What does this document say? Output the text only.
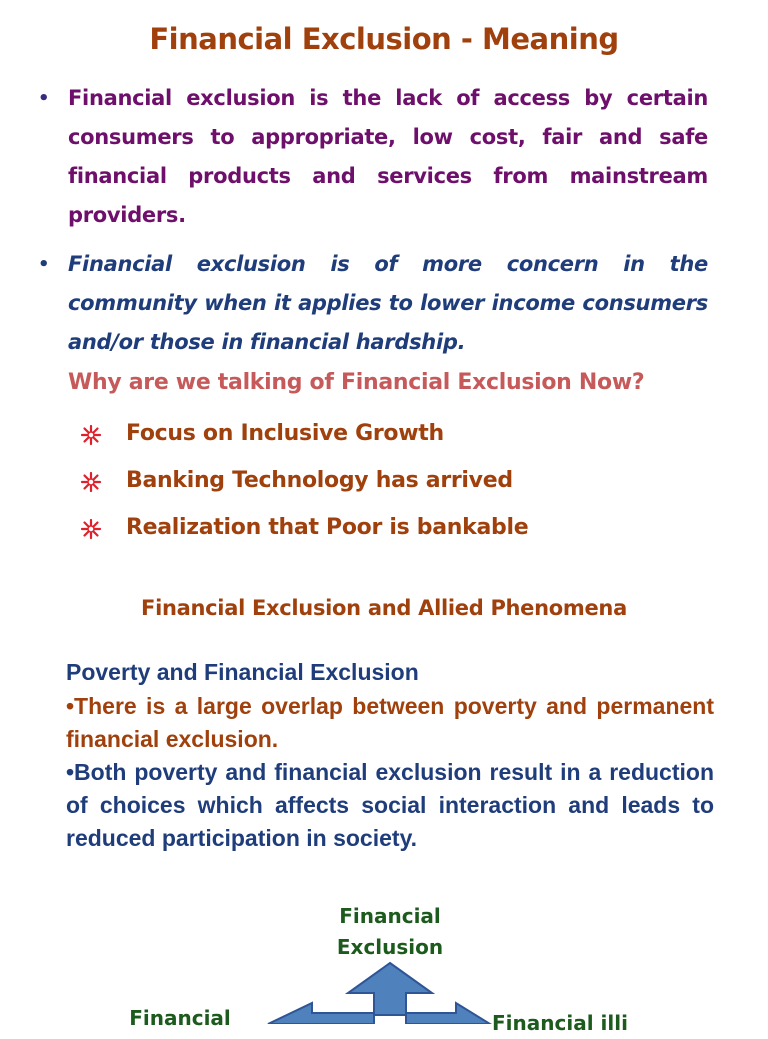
Financial Exclusion - Meaning
• Financial exclusion is the lack of access by certain consumers to appropriate, low cost, fair and safe financial products and services from mainstream providers.
• Financial exclusion is of more concern in the community when it applies to lower income consumers and/or those in financial hardship.
Why are we talking of Financial Exclusion Now?
Focus on Inclusive Growth
Banking Technology has arrived
Realization that Poor is bankable
Financial Exclusion and Allied Phenomena
Poverty and Financial Exclusion
•There is a large overlap between poverty and permanent financial exclusion.
•Both poverty and financial exclusion result in a reduction of choices which affects social interaction and leads to reduced participation in society.
Financial Exclusion
Financial	Financial illi
